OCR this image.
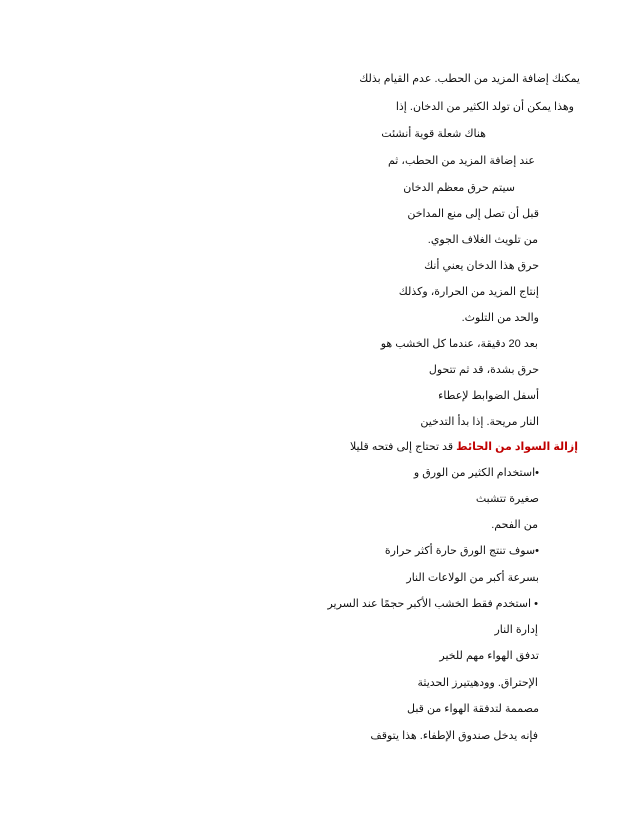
يمكنك إضافة المزيد من الحطب. عدم القيام بذلك
وهذا يمكن أن تولد الكثير من الدخان. إذا
هناك شعلة قوية أنشئت
عند إضافة المزيد من الحطب، ثم
سيتم حرق معظم الدخان
قبل أن تصل إلى منع المداخن
من تلويث الغلاف الجوي.
حرق هذا الدخان يعني أنك
إنتاج المزيد من الحرارة، وكذلك
والحد من التلوث.
بعد 20 دقيقة، عندما كل الخشب هو
حرق بشدة، قد ثم تتحول
أسفل الضوابط لإعطاء
النار مريحة. إذا بدأ التدخين
إزالة السواد من الحائط قد تحتاج إلى فتحه قليلا
•استخدام الكثير من الورق و
صغيرة تتشبث
من الفحم.
•سوف تنتج الورق حارة أكثر حرارة
بسرعة أكبر من الولاعات النار
• استخدم فقط الخشب الأكبر حجمًا عند السرير
إدارة النار
تدفق الهواء مهم للخير
الإحتراق. وودهيتيرز الحديثة
مصممة لتدفقة الهواء من قبل
فإنه يدخل صندوق الإطفاء. هذا يتوقف
